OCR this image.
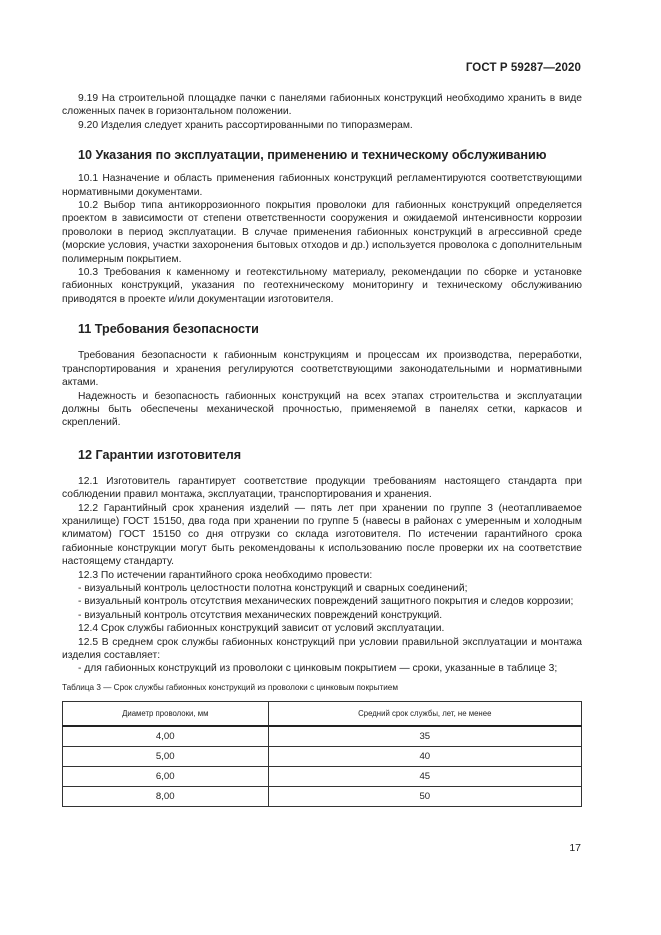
ГОСТ Р 59287—2020

9.19 На строительной площадке пачки с панелями габионных конструкций необходимо хранить в виде сложенных пачек в горизонтальном положении.

9.20 Изделия следует хранить рассортированными по типоразмерам.

10 Указания по эксплуатации, применению и техническому обслуживанию

10.1 Назначение и область применения габионных конструкций регламентируются соответствующими нормативными документами.

10.2 Выбор типа антикоррозионного покрытия проволоки для габионных конструкций определяется проектом в зависимости от степени ответственности сооружения и ожидаемой интенсивности коррозии проволоки в период эксплуатации. В случае применения габионных конструкций в агрессивной среде (морские условия, участки захоронения бытовых отходов и др.) используется проволока с дополнительным полимерным покрытием.

10.3 Требования к каменному и геотекстильному материалу, рекомендации по сборке и установке габионных конструкций, указания по геотехническому мониторингу и техническому обслуживанию приводятся в проекте и/или документации изготовителя.

11 Требования безопасности

Требования безопасности к габионным конструкциям и процессам их производства, переработки, транспортирования и хранения регулируются соответствующими законодательными и нормативными актами.

Надежность и безопасность габионных конструкций на всех этапах строительства и эксплуатации должны быть обеспечены механической прочностью, применяемой в панелях сетки, каркасов и скреплений.

12 Гарантии изготовителя

12.1 Изготовитель гарантирует соответствие продукции требованиям настоящего стандарта при соблюдении правил монтажа, эксплуатации, транспортирования и хранения.

12.2 Гарантийный срок хранения изделий — пять лет при хранении по группе 3 (неотапливаемое хранилище) ГОСТ 15150, два года при хранении по группе 5 (навесы в районах с умеренным и холодным климатом) ГОСТ 15150 со дня отгрузки со склада изготовителя. По истечении гарантийного срока габионные конструкции могут быть рекомендованы к использованию после проверки их на соответствие настоящему стандарту.

12.3 По истечении гарантийного срока необходимо провести:

- визуальный контроль целостности полотна конструкций и сварных соединений;

- визуальный контроль отсутствия механических повреждений защитного покрытия и следов коррозии;

- визуальный контроль отсутствия механических повреждений конструкций.

12.4 Срок службы габионных конструкций зависит от условий эксплуатации.

12.5 В среднем срок службы габионных конструкций при условии правильной эксплуатации и монтажа изделия составляет:

- для габионных конструкций из проволоки с цинковым покрытием — сроки, указанные в таблице 3;

Таблица 3 — Срок службы габионных конструкций из проволоки с цинковым покрытием
Диаметр проволоки, мм	Средний срок службы, лет, не менее
4,00	35
5,00	40
6,00	45
8,00	50
17
